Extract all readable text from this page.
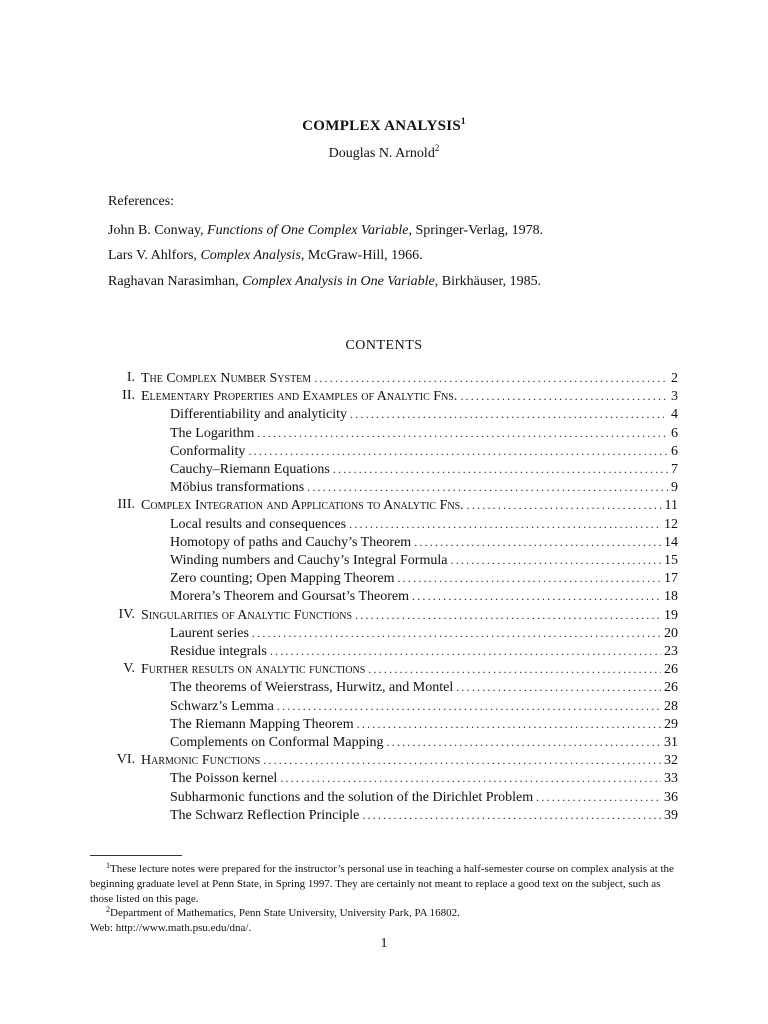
COMPLEX ANALYSIS$^1$
Douglas N. Arnold$^2$
References:
John B. Conway, Functions of One Complex Variable, Springer-Verlag, 1978.
Lars V. Ahlfors, Complex Analysis, McGraw-Hill, 1966.
Raghavan Narasimhan, Complex Analysis in One Variable, Birkhäuser, 1985.
CONTENTS
I. The Complex Number System .....	2
II. Elementary Properties and Examples of Analytic Fns. .....	3
Differentiability and analyticity .....	4
The Logarithm .....	6
Conformality .....	6
Cauchy–Riemann Equations .....	7
Möbius transformations .....	9
III. Complex Integration and Applications to Analytic Fns. .....	11
Local results and consequences .....	12
Homotopy of paths and Cauchy’s Theorem .....	14
Winding numbers and Cauchy’s Integral Formula .....	15
Zero counting; Open Mapping Theorem .....	17
Morera’s Theorem and Goursat’s Theorem .....	18
IV. Singularities of Analytic Functions .....	19
Laurent series .....	20
Residue integrals .....	23
V. Further results on analytic functions .....	26
The theorems of Weierstrass, Hurwitz, and Montel .....	26
Schwarz’s Lemma .....	28
The Riemann Mapping Theorem .....	29
Complements on Conformal Mapping .....	31
VI. Harmonic Functions .....	32
The Poisson kernel .....	33
Subharmonic functions and the solution of the Dirichlet Problem .....	36
The Schwarz Reflection Principle .....	39
$^1$These lecture notes were prepared for the instructor’s personal use in teaching a half-semester course on complex analysis at the beginning graduate level at Penn State, in Spring 1997. They are certainly not meant to replace a good text on the subject, such as those listed on this page.
$^2$Department of Mathematics, Penn State University, University Park, PA 16802.
Web: http://www.math.psu.edu/dna/.
1
